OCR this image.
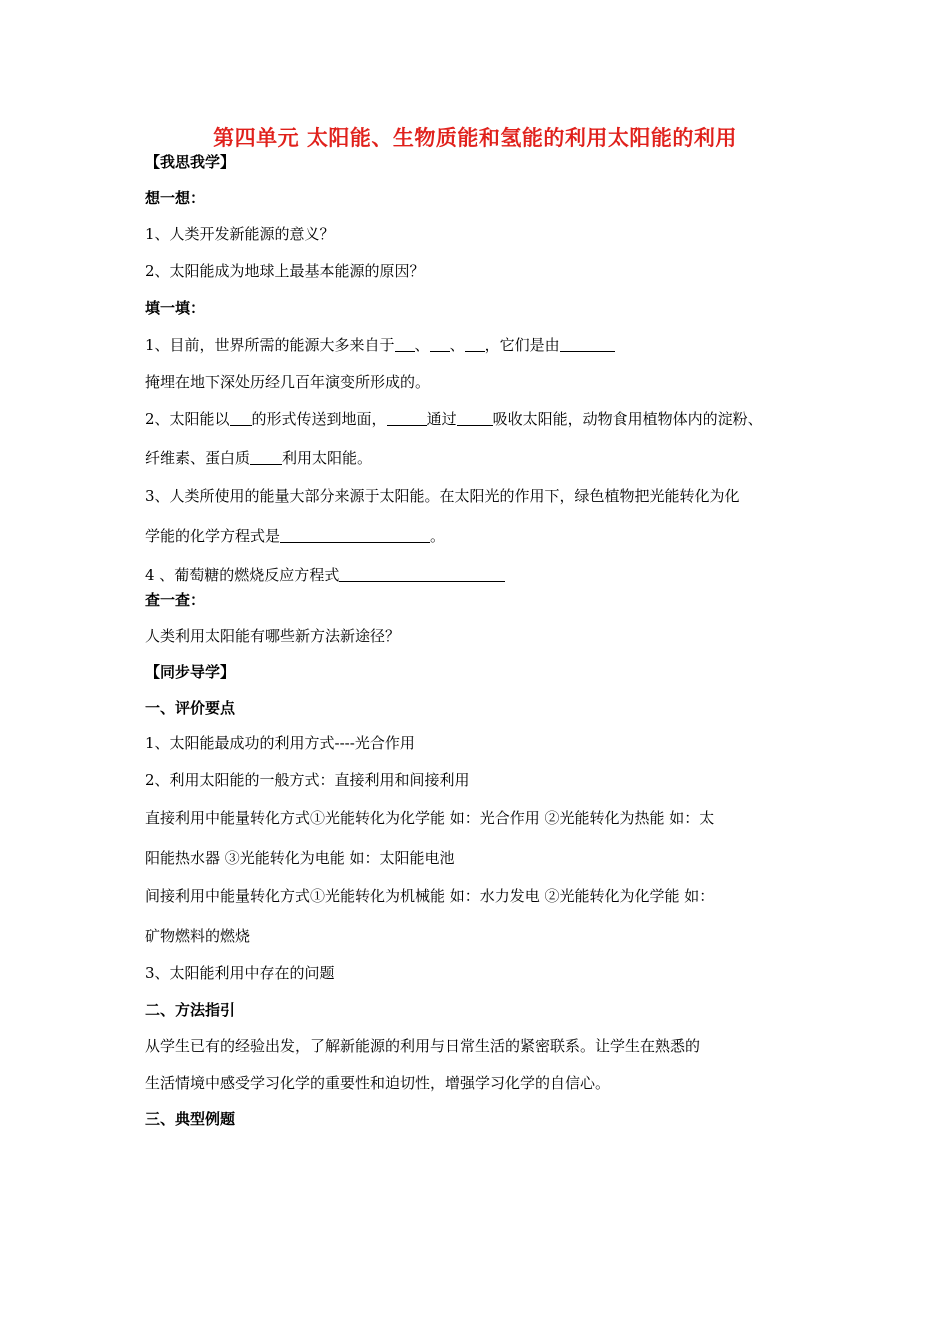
第四单元 太阳能、生物质能和氢能的利用太阳能的利用
【我思我学】
想一想：
1、人类开发新能源的意义？
2、太阳能成为地球上最基本能源的原因？
填一填：
1、目前，世界所需的能源大多来自于 、 、 ，它们是由
掩埋在地下深处历经几百年演变所形成的。
2、太阳能以 的形式传送到地面，	通过 吸收太阳能，动物食用植物体内的淀粉、
纤维素、蛋白质 利用太阳能。
3、人类所使用的能量大部分来源于太阳能。在太阳光的作用下，绿色植物把光能转化为化
学能的化学方程式是	。
4 、葡萄糖的燃烧反应方程式
查一查：
人类利用太阳能有哪些新方法新途径？
【同步导学】
一、评价要点
1、太阳能最成功的利用方式----光合作用
2、利用太阳能的一般方式：直接利用和间接利用
直接利用中能量转化方式①光能转化为化学能 如：光合作用 ②光能转化为热能 如：太
阳能热水器 ③光能转化为电能 如：太阳能电池
间接利用中能量转化方式①光能转化为机械能 如：水力发电 ②光能转化为化学能 如：
矿物燃料的燃烧
3、太阳能利用中存在的问题
二、方法指引
从学生已有的经验出发，了解新能源的利用与日常生活的紧密联系。让学生在熟悉的
生活情境中感受学习化学的重要性和迫切性，增强学习化学的自信心。
三、典型例题
